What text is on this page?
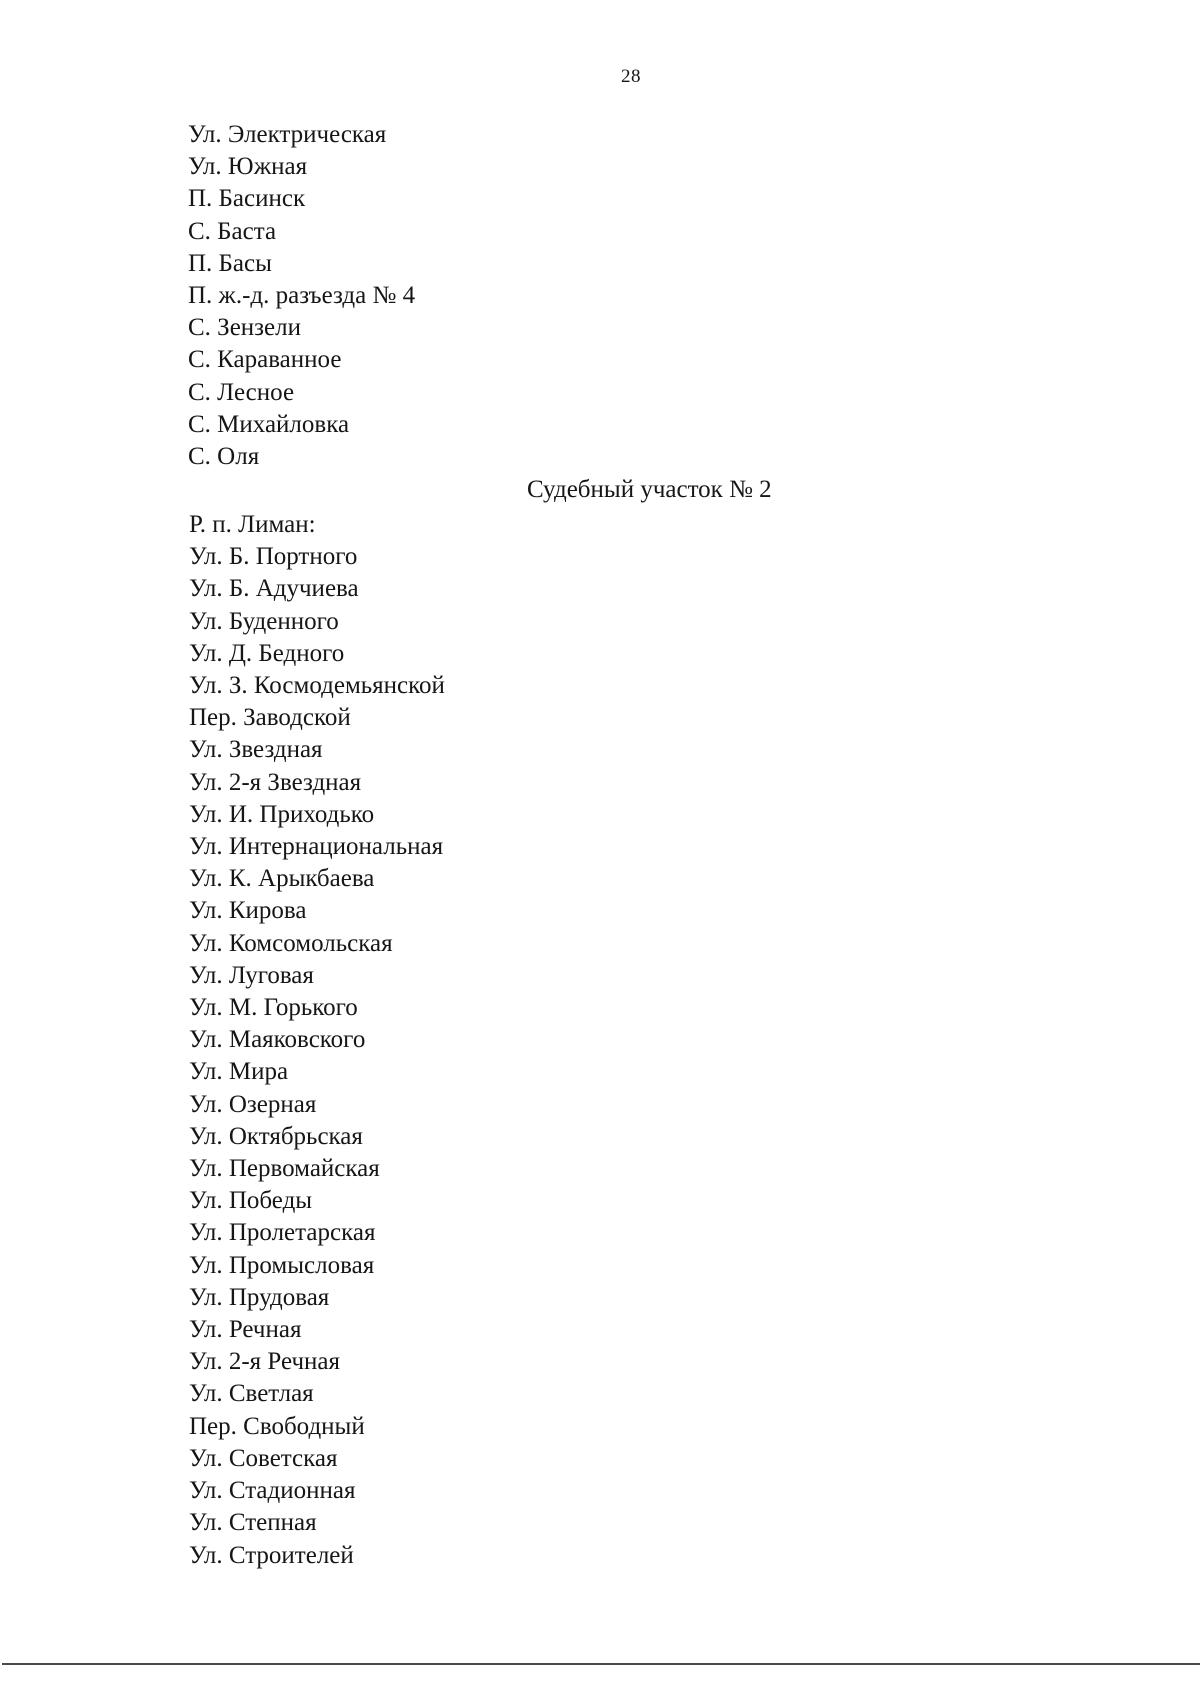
28
Ул. Электрическая
Ул. Южная
П. Басинск
С. Баста
П. Басы
П. ж.-д. разъезда № 4
С. Зензели
С. Караванное
С. Лесное
С. Михайловка
С. Оля
Судебный участок № 2
Р. п. Лиман:
Ул. Б. Портного
Ул. Б. Адучиева
Ул. Буденного
Ул. Д. Бедного
Ул. З. Космодемьянской
Пер. Заводской
Ул. Звездная
Ул. 2-я Звездная
Ул. И. Приходько
Ул. Интернациональная
Ул. К. Арыкбаева
Ул. Кирова
Ул. Комсомольская
Ул. Луговая
Ул. М. Горького
Ул. Маяковского
Ул. Мира
Ул. Озерная
Ул. Октябрьская
Ул. Первомайская
Ул. Победы
Ул. Пролетарская
Ул. Промысловая
Ул. Прудовая
Ул. Речная
Ул. 2-я Речная
Ул. Светлая
Пер. Свободный
Ул. Советская
Ул. Стадионная
Ул. Степная
Ул. Строителей
